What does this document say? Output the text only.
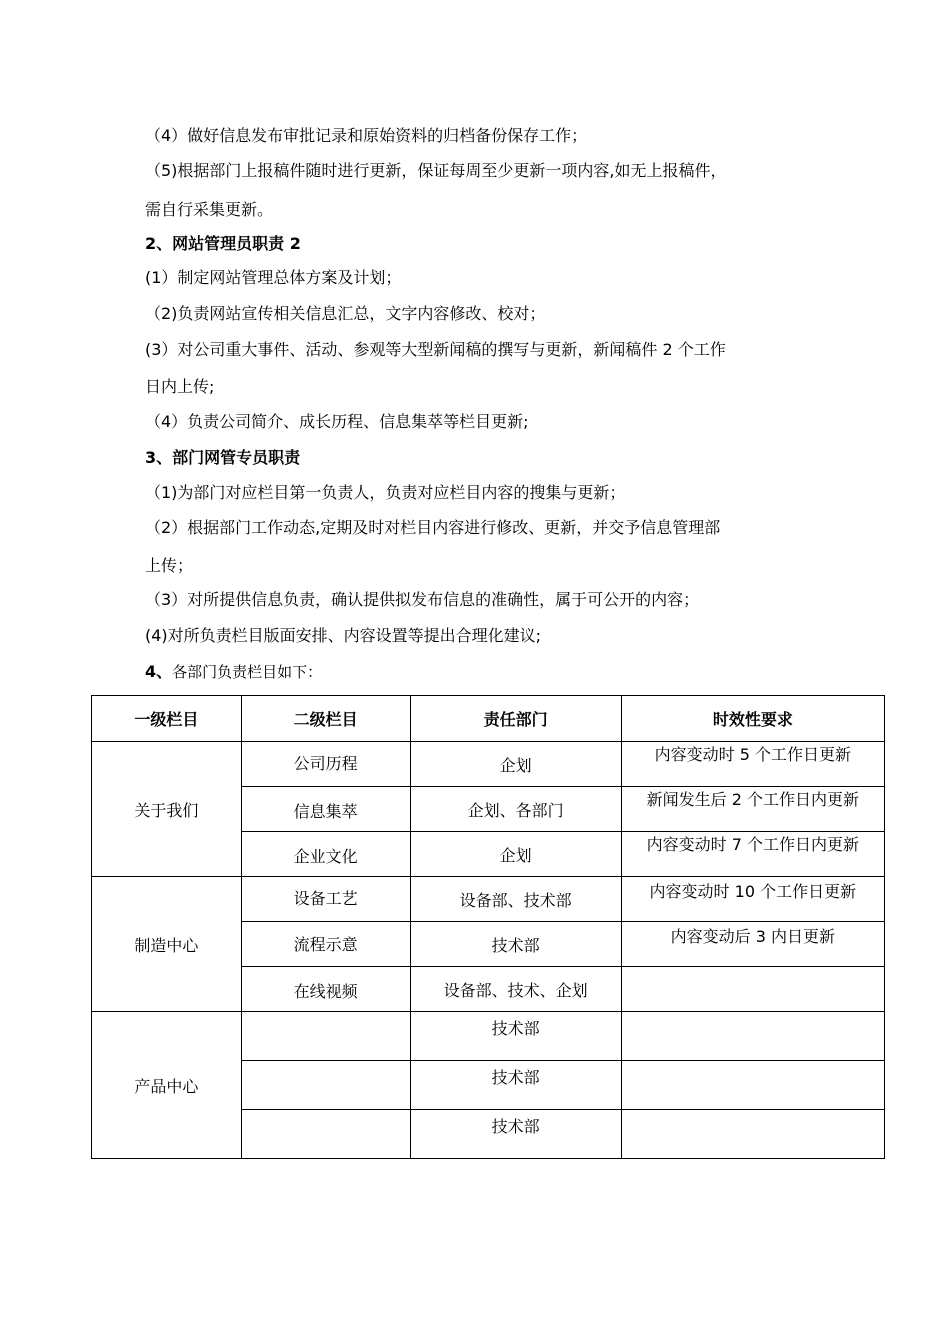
（4）做好信息发布审批记录和原始资料的归档备份保存工作；
（5)根据部门上报稿件随时进行更新，保证每周至少更新一项内容,如无上报稿件，
需自行采集更新。
2、网站管理员职责 2
(1）制定网站管理总体方案及计划；
（2)负责网站宣传相关信息汇总，文字内容修改、校对；
(3）对公司重大事件、活动、参观等大型新闻稿的撰写与更新，新闻稿件 2 个工作
日内上传;
（4）负责公司简介、成长历程、信息集萃等栏目更新;
3、部门网管专员职责
（1)为部门对应栏目第一负责人，负责对应栏目内容的搜集与更新；
（2）根据部门工作动态,定期及时对栏目内容进行修改、更新，并交予信息管理部
上传；
（3）对所提供信息负责，确认提供拟发布信息的准确性，属于可公开的内容；
(4)对所负责栏目版面安排、内容设置等提出合理化建议;
4、各部门负责栏目如下：
一级栏目	二级栏目	责任部门	时效性要求
关于我们	公司历程	企划	内容变动时 5 个工作日更新

	信息集萃	企划、各部门	新闻发生后 2 个工作日内更新

	企业文化	企划	内容变动时 7 个工作日内更新

制造中心	设备工艺	设备部、技术部	内容变动时 10 个工作日更新

	流程示意	技术部	内容变动后 3 内日更新

	在线视频	设备部、技术、企划	

产品中心		技术部	

		技术部	

		技术部	
